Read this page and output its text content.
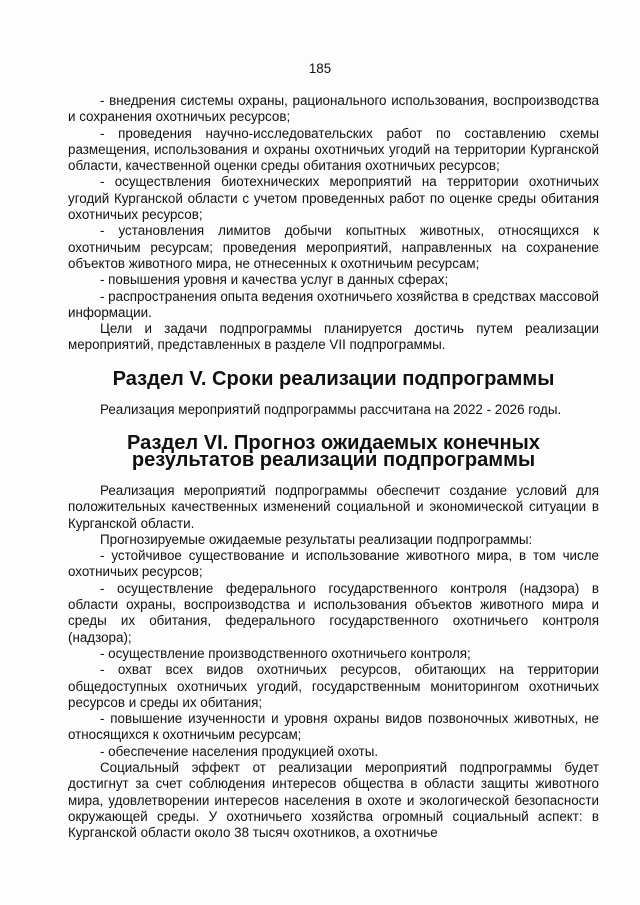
185

- внедрения системы охраны, рационального использования, воспроизводства и сохранения охотничьих ресурсов;

- проведения научно-исследовательских работ по составлению схемы размещения, использования и охраны охотничьих угодий на территории Курганской области, качественной оценки среды обитания охотничьих ресурсов;

- осуществления биотехнических мероприятий на территории охотничьих угодий Курганской области с учетом проведенных работ по оценке среды обитания охотничьих ресурсов;

- установления лимитов добычи копытных животных, относящихся к охотничьим ресурсам; проведения мероприятий, направленных на сохранение объектов животного мира, не отнесенных к охотничьим ресурсам;

- повышения уровня и качества услуг в данных сферах;

- распространения опыта ведения охотничьего хозяйства в средствах массовой информации.

Цели и задачи подпрограммы планируется достичь путем реализации мероприятий, представленных в разделе VII подпрограммы.

Раздел V. Сроки реализации подпрограммы

Реализация мероприятий подпрограммы рассчитана на 2022 - 2026 годы.

Раздел VI. Прогноз ожидаемых конечных результатов реализации подпрограммы

Реализация мероприятий подпрограммы обеспечит создание условий для положительных качественных изменений социальной и экономической ситуации в Курганской области.

Прогнозируемые ожидаемые результаты реализации подпрограммы:

- устойчивое существование и использование животного мира, в том числе охотничьих ресурсов;

- осуществление федерального государственного контроля (надзора) в области охраны, воспроизводства и использования объектов животного мира и среды их обитания, федерального государственного охотничьего контроля (надзора);

- осуществление производственного охотничьего контроля;

- охват всех видов охотничьих ресурсов, обитающих на территории общедоступных охотничьих угодий, государственным мониторингом охотничьих ресурсов и среды их обитания;

- повышение изученности и уровня охраны видов позвоночных животных, не относящихся к охотничьим ресурсам;

- обеспечение населения продукцией охоты.

Социальный эффект от реализации мероприятий подпрограммы будет достигнут за счет соблюдения интересов общества в области защиты животного мира, удовлетворении интересов населения в охоте и экологической безопасности окружающей среды. У охотничьего хозяйства огромный социальный аспект: в Курганской области около 38 тысяч охотников, а охотничье
